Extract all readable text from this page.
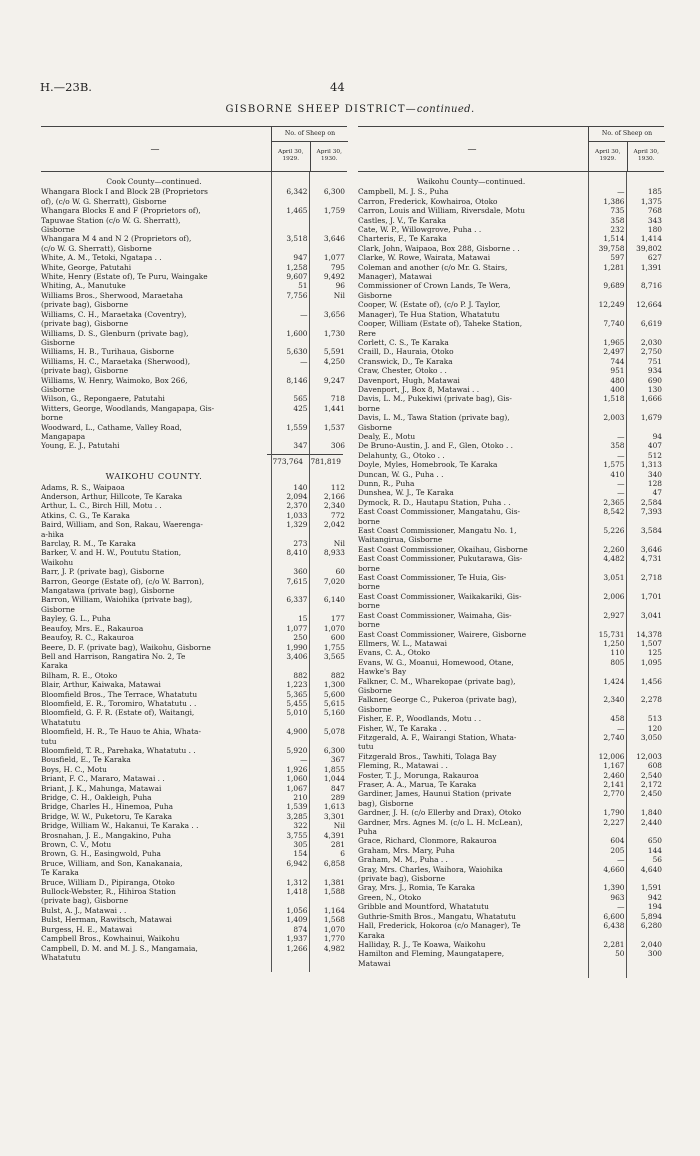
H.—23B.	44
GISBORNE SHEEP DISTRICT—continued.
—
No. of Sheep on
April 30, 1929.
April 30, 1930.
Cook County—continued.
Whangara Block I and Block 2B (Proprietors	6,342	6,300
of), (c/o W. G. Sherratt), Gisborne
Whangara Blocks E and F (Proprietors of),	1,465	1,759
Tapuwae Station (c/o W. G. Sherratt),
Gisborne
Whangara M 4 and N 2 (Proprietors of),	3,518	3,646
(c/o W. G. Sherratt), Gisborne
White, A. M., Tetoki, Ngatapa . .	947	1,077
White, George, Patutahi	1,258	795
White, Henry (Estate of), Te Puru, Waingake	9,607	9,492
Whiting, A., Manutuke	51	96
Williams Bros., Sherwood, Maraetaha	7,756	Nil
(private bag), Gisborne
Williams, C. H., Maraetaka (Coventry),	—	3,656
(private bag), Gisborne
Williams, D. S., Glenburn (private bag),	1,600	1,730
Gisborne
Williams, H. B., Turihaua, Gisborne	5,630	5,591
Williams, H. C., Maraetaka (Sherwood),	—	4,250
(private bag), Gisborne
Williams, W. Henry, Waimoko, Box 266,	8,146	9,247
Gisborne
Wilson, G., Repongaere, Patutahi	565	718
Witters, George, Woodlands, Mangapapa, Gis-	425	1,441
borne
Woodward, L., Cathame, Valley Road,	1,559	1,537
Mangapapa
Young, E. J., Patutahi	347	306
773,764	781,819
WAIKOHU COUNTY.
Adams, R. S., Waipaoa	140	112
Anderson, Arthur, Hillcote, Te Karaka	2,094	2,166
Arthur, L. C., Birch Hill, Motu . .	2,370	2,340
Atkins, C. G., Te Karaka	1,033	772
Baird, William, and Son, Rakau, Waerenga-	1,329	2,042
a-hika
Barclay, R. M., Te Karaka	273	Nil
Barker, V. and H. W., Poututu Station,	8,410	8,933
Waikohu
Barr, J. P. (private bag), Gisborne	360	60
Barron, George (Estate of), (c/o W. Barron),	7,615	7,020
Mangatawa (private bag), Gisborne
Barron, William, Waiohika (private bag),	6,337	6,140
Gisborne
Bayley, G. L., Puha	15	177
Beaufoy, Mrs. E., Rakauroa	1,077	1,070
Beaufoy, R. C., Rakauroa	250	600
Beere, D. F. (private bag), Waikohu, Gisborne	1,990	1,755
Bell and Harrison, Rangatira No. 2, Te	3,406	3,565
Karaka
Bilham, R. E., Otoko	882	882
Blair, Arthur, Kaiwaka, Matawai	1,223	1,300
Bloomfield Bros., The Terrace, Whatatutu	5,365	5,600
Bloomfield, E. R., Toromiro, Whatatutu . .	5,455	5,615
Bloomfield, G. F. R. (Estate of), Waitangi,	5,010	5,160
Whatatutu
Bloomfield, H. R., Te Hauo te Ahia, Whata-	4,900	5,078
tutu
Bloomfield, T. R., Parehaka, Whatatutu . .	5,920	6,300
Bousfield, E., Te Karaka	—	367
Boys, H. C., Motu	1,926	1,855
Briant, F. C., Mararo, Matawai . .	1,060	1,044
Briant, J. K., Mahunga, Matawai	1,067	847
Bridge, C. H., Oakleigh, Puha	210	289
Bridge, Charles H., Hinemoa, Puha	1,539	1,613
Bridge, W. W., Puketoru, Te Karaka	3,285	3,301
Bridge, William W., Hakanui, Te Karaka . .	322	Nil
Brosnahan, J. E., Mangakino, Puha	3,755	4,391
Brown, C. V., Motu	305	281
Brown, G. H., Easingwold, Puha	154	6
Bruce, William, and Son, Kanakanaia,	6,942	6,858
Te Karaka
Bruce, William D., Pipiranga, Otoko	1,312	1,381
Bullock-Webster, R., Hihiroa Station	1,418	1,588
(private bag), Gisborne
Bulst, A. J., Matawai . .	1,056	1,164
Bulst, Herman, Rawitsch, Matawai	1,409	1,568
Burgess, H. E., Matawai	874	1,070
Campbell Bros., Kowhainui, Waikohu	1,937	1,770
Campbell, D. M. and M. J. S., Mangamaia,	1,266	4,982
Whatatutu
—
No. of Sheep on
April 30, 1929.
April 30, 1930.
Waikohu County—continued.
Campbell, M. J. S., Puha	—	185
Carron, Frederick, Kowhairoa, Otoko	1,386	1,375
Carron, Louis and William, Riversdale, Motu	735	768
Castles, J. V., Te Karaka	358	343
Cate, W. P., Willowgrove, Puha . .	232	180
Charteris, F., Te Karaka	1,514	1,414
Clark, John, Waipaoa, Box 288, Gisborne . .	39,758	39,802
Clarke, W. Rowe, Wairata, Matawai	597	627
Coleman and another (c/o Mr. G. Stairs,	1,281	1,391
Manager), Matawai
Commissioner of Crown Lands, Te Wera,	9,689	8,716
Gisborne
Cooper, W. (Estate of), (c/o P. J. Taylor,	12,249	12,664
Manager), Te Hua Station, Whatatutu
Cooper, William (Estate of), Taheke Station,	7,740	6,619
Rere
Corlett, C. S., Te Karaka	1,965	2,030
Craill, D., Hauraia, Otoko	2,497	2,750
Cranswick, D., Te Karaka	744	751
Craw, Chester, Otoko . .	951	934
Davenport, Hugh, Matawai	480	690
Davenport, J., Box 8, Matawai . .	400	130
Davis, L. M., Pukekiwi (private bag), Gis-	1,518	1,666
borne
Davis, L. M., Tawa Station (private bag),	2,003	1,679
Gisborne
Dealy, E., Motu	—	94
De Bruno-Austin, J. and F., Glen, Otoko . .	358	407
Delahunty, G., Otoko . .	—	512
Doyle, Myles, Homebrook, Te Karaka	1,575	1,313
Duncan, W. G., Puha . .	410	340
Dunn, R., Puha	—	128
Dunshea, W. J., Te Karaka	—	47
Dymock, R. D., Hautapu Station, Puha . .	2,365	2,584
East Coast Commissioner, Mangatahu, Gis-	8,542	7,393
borne
East Coast Commissioner, Mangatu No. 1,	5,226	3,584
Waitangirua, Gisborne
East Coast Commissioner, Okaihau, Gisborne	2,260	3,646
East Coast Commissioner, Pukutarawa, Gis-	4,482	4,731
borne
East Coast Commissioner, Te Huia, Gis-	3,051	2,718
borne
East Coast Commissioner, Waikakariki, Gis-	2,006	1,701
borne
East Coast Commissioner, Waimaha, Gis-	2,927	3,041
borne
East Coast Commissioner, Wairere, Gisborne	15,731	14,378
Ellmers, W. L., Matawai	1,250	1,507
Evans, C. A., Otoko	110	125
Evans, W. G., Moanui, Homewood, Otane,	805	1,095
Hawke's Bay
Falkner, C. M., Wharekopae (private bag),	1,424	1,456
Gisborne
Falkner, George C., Pukeroa (private bag),	2,340	2,278
Gisborne
Fisher, E. P., Woodlands, Motu . .	458	513
Fisher, W., Te Karaka . .	—	120
Fitzgerald, A. F., Wairangi Station, Whata-	2,740	3,050
tutu
Fitzgerald Bros., Tawhiti, Tolaga Bay	12,006	12,003
Fleming, R., Matawai . .	1,167	608
Foster, T. J., Morunga, Rakauroa	2,460	2,540
Fraser, A. A., Marua, Te Karaka	2,141	2,172
Gardiner, James, Haunui Station (private	2,770	2,450
bag), Gisborne
Gardner, J. H. (c/o Ellerby and Drax), Otoko	1,790	1,840
Gardner, Mrs. Agnes M. (c/o L. H. McLean),	2,227	2,440
Puha
Grace, Richard, Clonmore, Rakauroa	604	650
Graham, Mrs. Mary, Puha	205	144
Graham, M. M., Puha . .	—	56
Gray, Mrs. Charles, Waihora, Waiohika	4,660	4,640
(private bag), Gisborne
Gray, Mrs. J., Romia, Te Karaka	1,390	1,591
Green, N., Otoko	963	942
Gribble and Mountford, Whatatutu	—	194
Guthrie-Smith Bros., Mangatu, Whatatutu	6,600	5,894
Hall, Frederick, Hokoroa (c/o Manager), Te	6,438	6,280
Karaka
Halliday, R. J., Te Koawa, Waikohu	2,281	2,040
Hamilton and Fleming, Maungatapere,	50	300
Matawai
